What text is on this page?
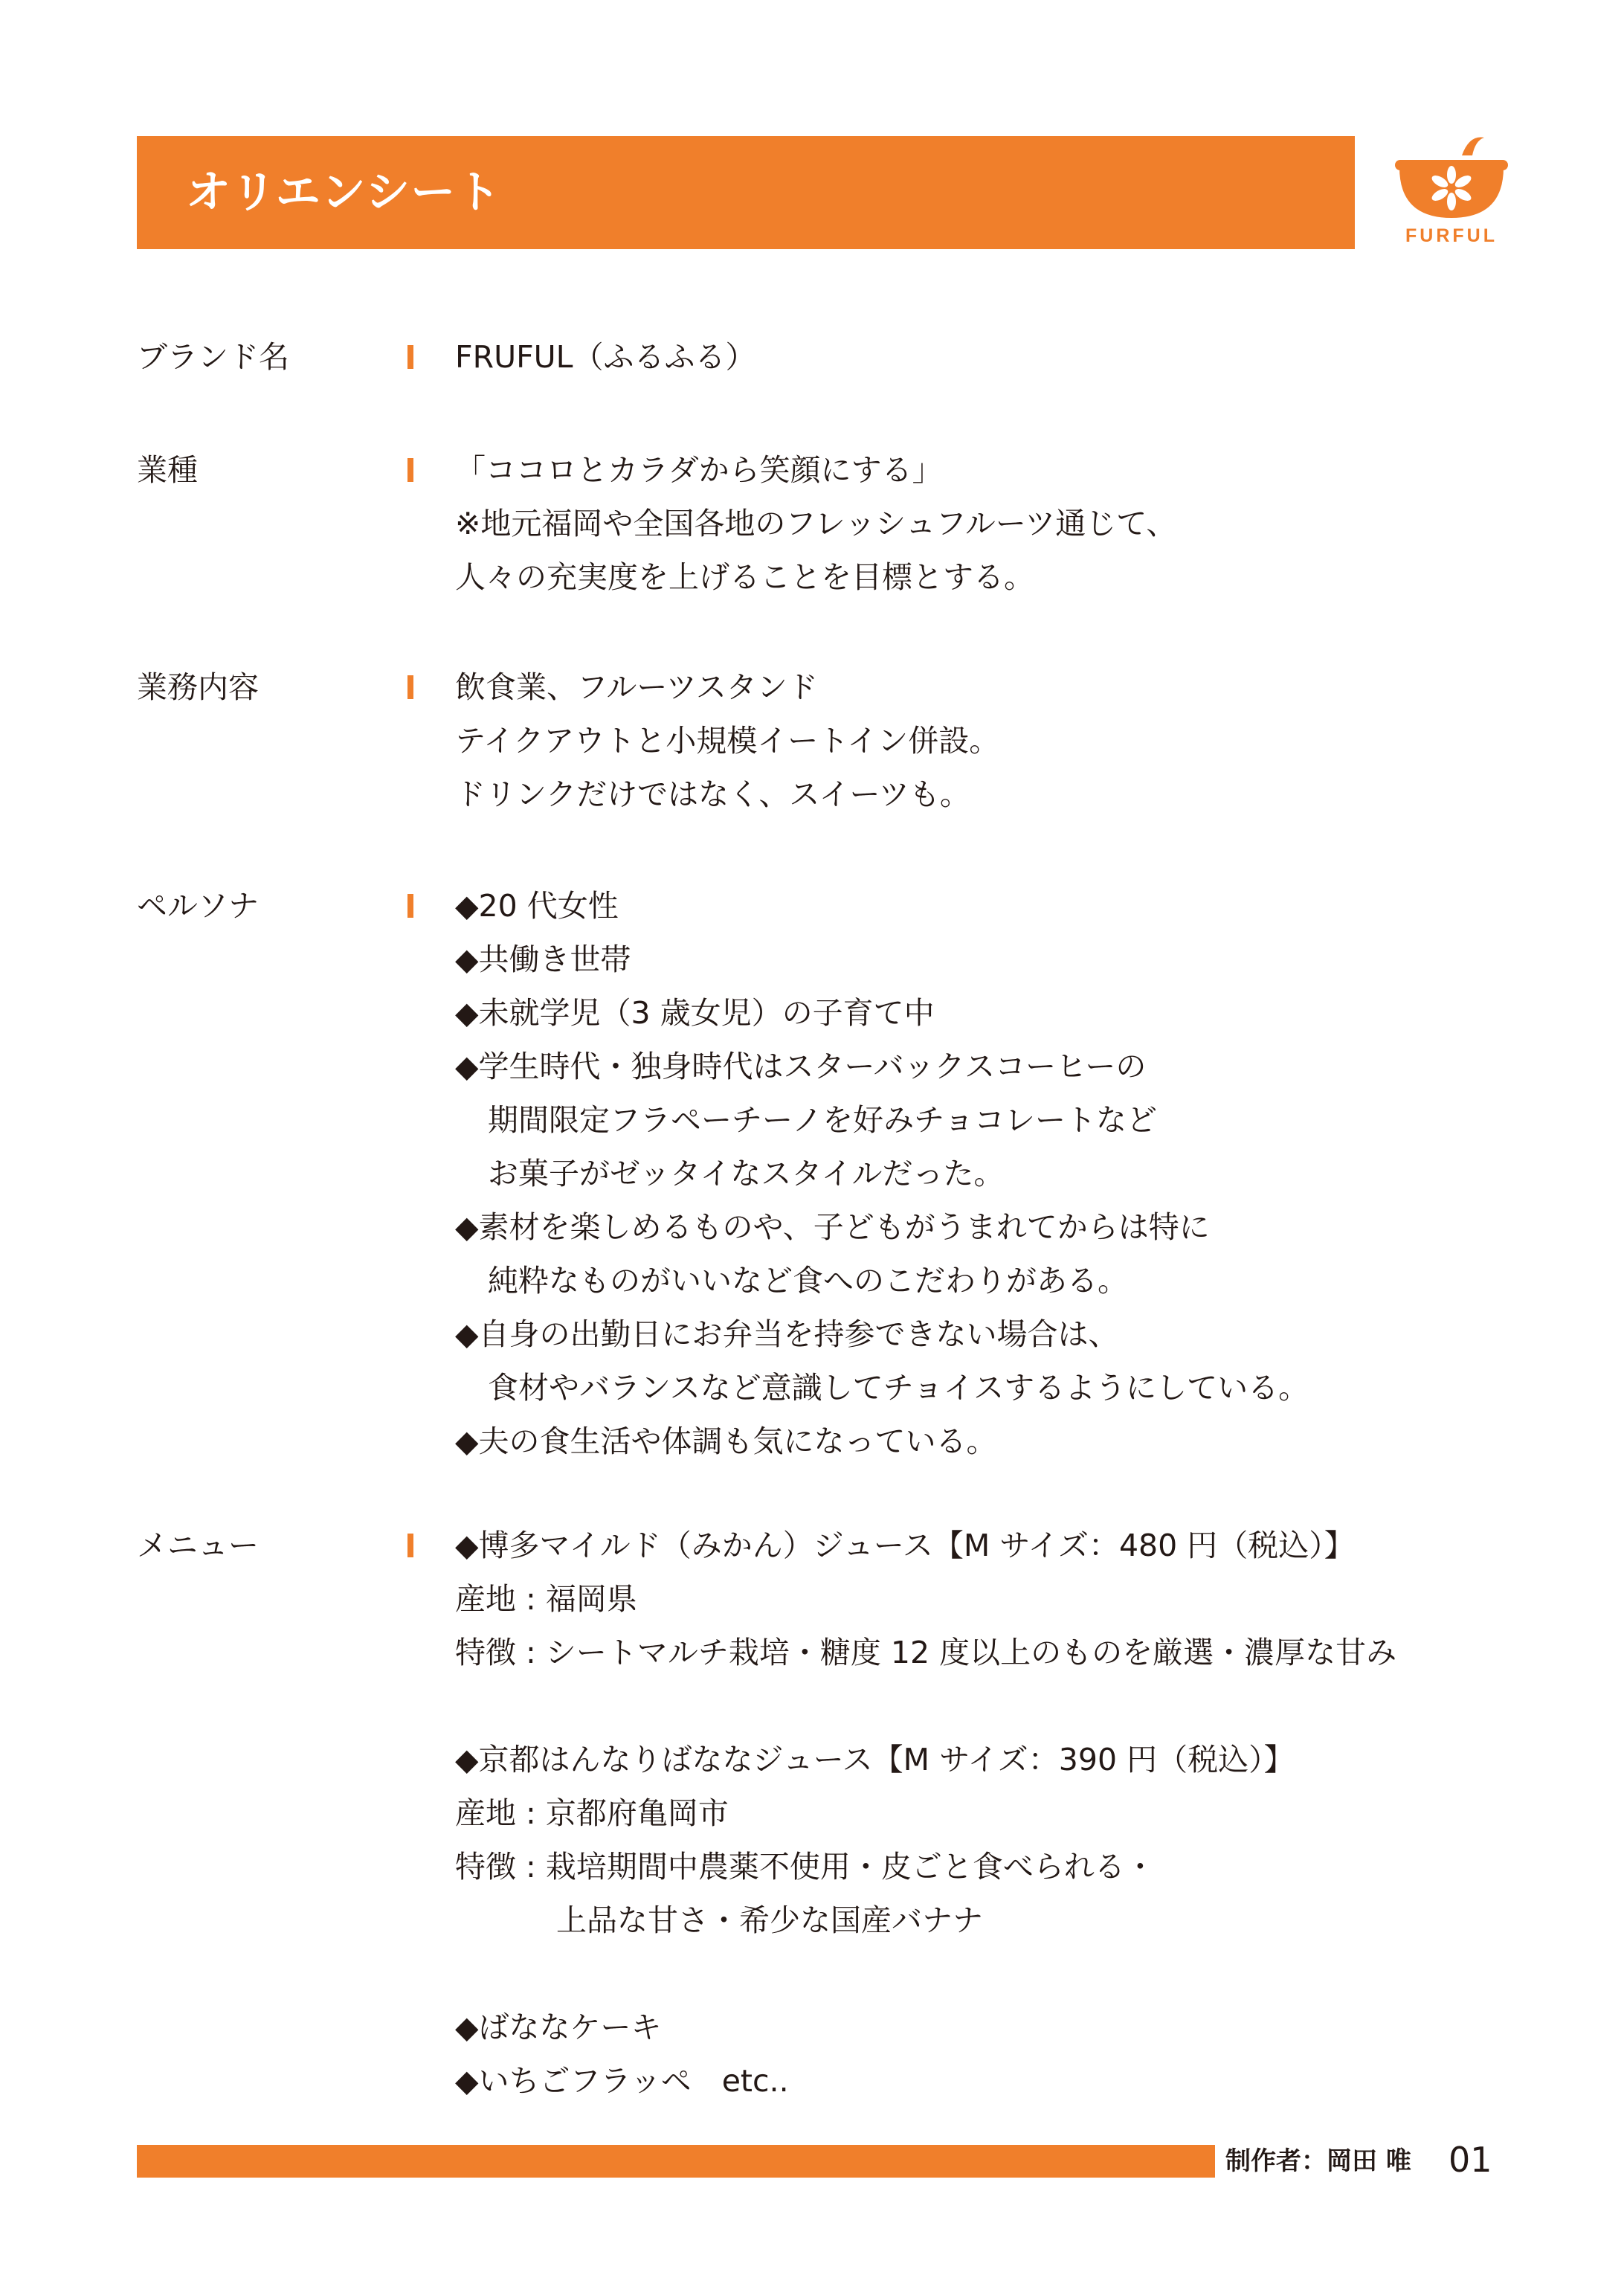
オリエンシート
FURFUL
ブランド名	FRUFUL（ふるふる）
業種	「ココロとカラダから笑顔にする」
※地元福岡や全国各地のフレッシュフルーツ通じて、
人々の充実度を上げることを目標とする。
業務内容	飲食業、フルーツスタンド
テイクアウトと小規模イートイン併設。
ドリンクだけではなく、スイーツも。
ペルソナ	◆20 代女性
◆共働き世帯
◆未就学児（3 歳女児）の子育て中
◆学生時代・独身時代はスターバックスコーヒーの
期間限定フラペーチーノを好みチョコレートなど
お菓子がゼッタイなスタイルだった。
◆素材を楽しめるものや、子どもがうまれてからは特に
純粋なものがいいなど食へのこだわりがある。
◆自身の出勤日にお弁当を持参できない場合は、
食材やバランスなど意識してチョイスするようにしている。
◆夫の食生活や体調も気になっている。
メニュー	◆博多マイルド（みかん）ジュース【M サイズ：480 円（税込）】
産地 : 福岡県
特徴 : シートマルチ栽培・糖度 12 度以上のものを厳選・濃厚な甘み
◆京都はんなりばななジュース【M サイズ：390 円（税込）】
産地 : 京都府亀岡市
特徴 : 栽培期間中農薬不使用・皮ごと食べられる・
上品な甘さ・希少な国産バナナ
◆ばななケーキ
◆いちごフラッペ　etc..
制作者：岡田 唯 01
